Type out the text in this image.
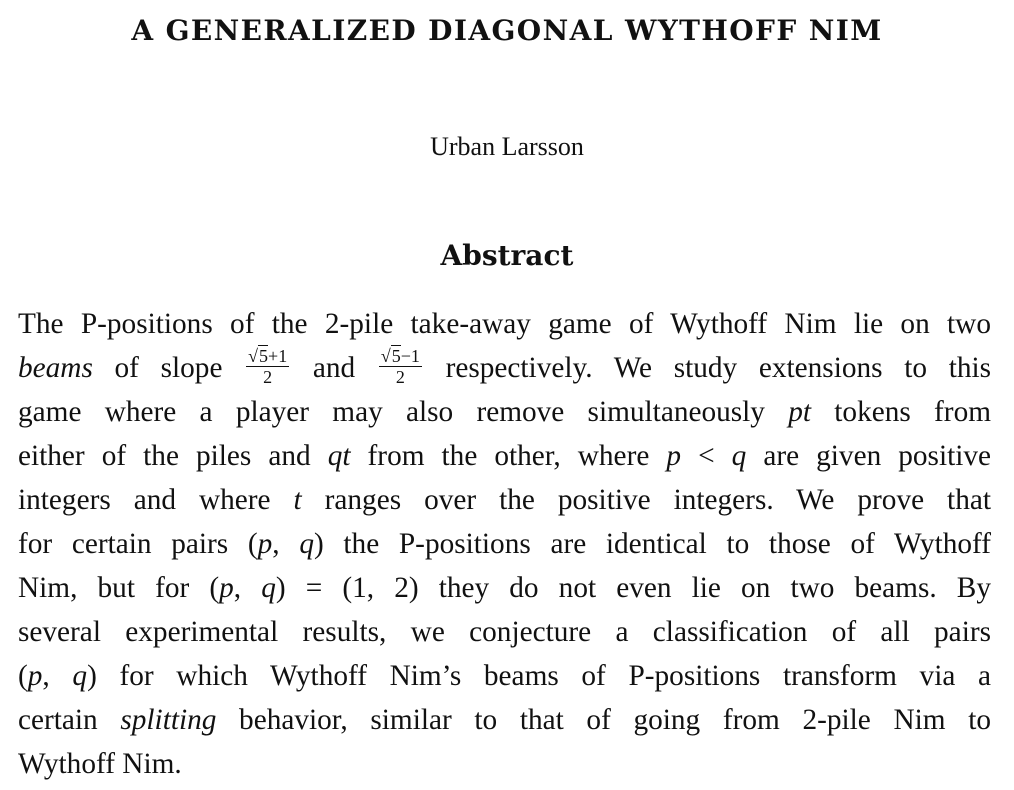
A GENERALIZED DIAGONAL WYTHOFF NIM
Urban Larsson
Abstract
The P-positions of the 2-pile take-away game of Wythoff Nim lie on two
beams of slope $\frac{√5+1}{2}$ and $\frac{√5-1}{2}$ respectively. We study extensions to this
game where a player may also remove simultaneously pt tokens from
either of the piles and qt from the other, where p < q are given positive
integers and where t ranges over the positive integers. We prove that
for certain pairs (p, q) the P-positions are identical to those of Wythoff
Nim, but for (p, q) = (1, 2) they do not even lie on two beams. By
several experimental results, we conjecture a classification of all pairs
(p, q) for which Wythoff Nim’s beams of P-positions transform via a
certain splitting behavior, similar to that of going from 2-pile Nim to
Wythoff Nim.
